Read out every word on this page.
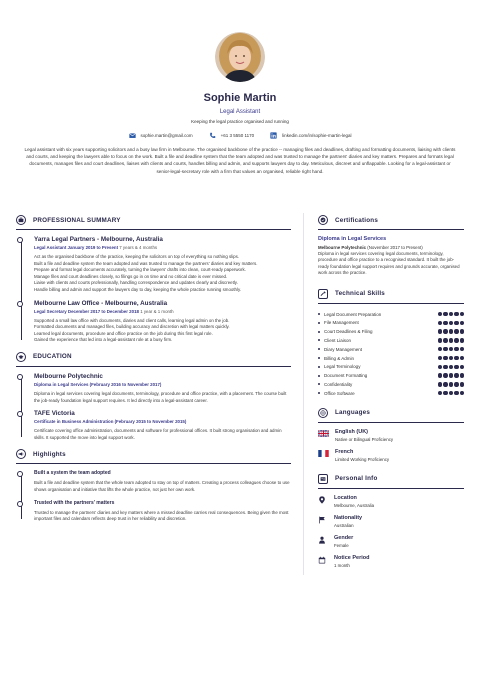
Sophie Martin
Legal Assistant
Keeping the legal practice organised and running
sophie.martin@gmail.com	+61 3 5550 1170	linkedin.com/in/sophie-martin-legal

Legal assistant with six years supporting solicitors and a busy law firm in Melbourne. The organised backbone of the practice -- managing files and deadlines, drafting and formatting documents, liaising with clients and courts, and keeping the lawyers able to focus on the work. Built a file and deadline system that the team adopted and was trusted to manage the partners' diaries and key matters. Prepares and formats legal documents, manages files and court deadlines, liaises with clients and courts, handles billing and admin, and supports lawyers day to day. Meticulous, discreet and unflappable. Looking for a legal-assistant or senior-legal-secretary role with a firm that values an organised, reliable right hand.

PROFESSIONAL SUMMARY
Yarra Legal Partners - Melbourne, Australia
Legal Assistant January 2019 to Present 7 years & 4 months
Act as the organised backbone of the practice, keeping the solicitors on top of everything so nothing slips.
Built a file and deadline system the team adopted and was trusted to manage the partners' diaries and key matters.
Prepare and format legal documents accurately, turning the lawyers' drafts into clean, court-ready paperwork.
Manage files and court deadlines closely, so filings go in on time and no critical date is ever missed.
Liaise with clients and courts professionally, handling correspondence and updates clearly and discreetly.
Handle billing and admin and support the lawyers day to day, keeping the whole practice running smoothly.
Melbourne Law Office - Melbourne, Australia
Legal Secretary December 2017 to December 2018 1 year & 1 month
Supported a small law office with documents, diaries and client calls, learning legal admin on the job.
Formatted documents and managed files, building accuracy and discretion with legal matters quickly.
Learned legal documents, procedure and office practice on the job during this first legal role.
Gained the experience that led into a legal-assistant role at a busy firm.
EDUCATION
Melbourne Polytechnic
Diploma in Legal Services (February 2016 to November 2017)
Diploma in legal services covering legal documents, terminology, procedure and office practice, with a placement. The course built the job-ready foundation legal support requires. It led directly into a legal-assistant career.
TAFE Victoria
Certificate in Business Administration (February 2015 to November 2015)
Certificate covering office administration, documents and software for professional offices. It built strong organisation and admin skills. It supported the move into legal support work.
Highlights
Built a system the team adopted
Built a file and deadline system that the whole team adopted to stay on top of matters. Creating a process colleagues choose to use shows organisation and initiative that lifts the whole practice, not just her own work.
Trusted with the partners' matters
Trusted to manage the partners' diaries and key matters where a missed deadline carries real consequences. Being given the most important files and calendars reflects deep trust in her reliability and discretion.
Certifications
Diploma in Legal Services
Melbourne Polytechnic (November 2017 to Present)
Diploma in legal services covering legal documents, terminology, procedure and office practice to a recognised standard. It built the job-ready foundation legal support requires and grounds accurate, organised work across the practice.
Technical Skills
Legal Document Preparation
File Management
Court Deadlines & Filing
Client Liaison
Diary Management
Billing & Admin
Legal Terminology
Document Formatting
Confidentiality
Office Software
Languages
English (UK)
Native or Bilingual Proficiency
French
Limited Working Proficiency
Personal Info
Location
Melbourne, Australia
Nationality
Australian
Gender
Female
Notice Period
1 month
